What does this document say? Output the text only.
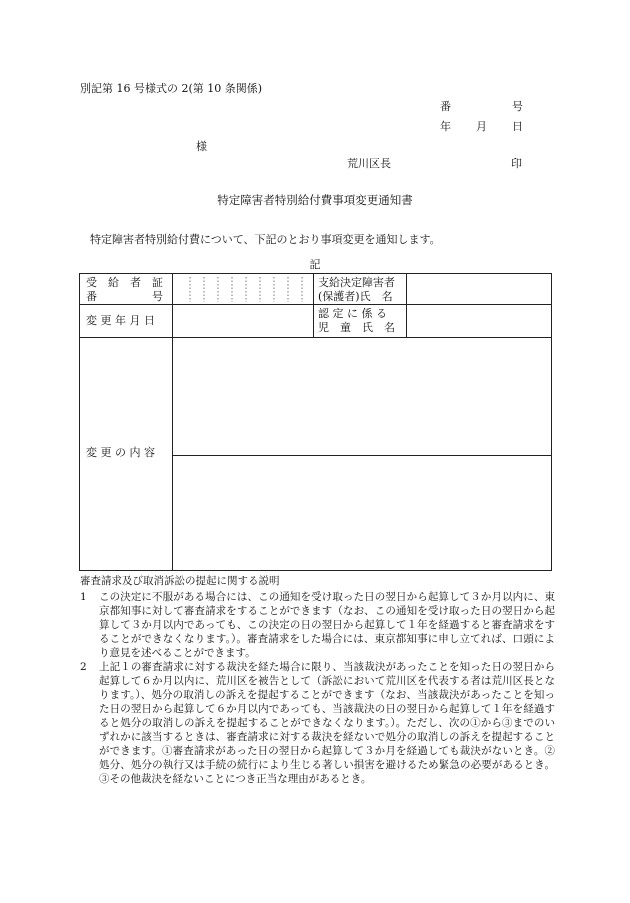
別記第 16 号様式の 2(第 10 条関係)
番	号
年 月 日
様
荒川区長	印
特定障害者特別給付費事項変更通知書
特定障害者特別給付費について、下記のとおり事項変更を通知します。
記
受　給　者　証
番　　　　　号
支給決定障害者
(保護者)氏　名
変 更 年 月 日
認 定 に 係 る
児　童　氏　名
変 更 の 内 容
審査請求及び取消訴訟の提起に関する説明
1 この決定に不服がある場合には、この通知を受け取った日の翌日から起算して３か月以内に、東京都知事に対して審査請求をすることができます（なお、この通知を受け取った日の翌日から起算して３か月以内であっても、この決定の日の翌日から起算して１年を経過すると審査請求をすることができなくなります。）。審査請求をした場合には、東京都知事に申し立てれば、口頭により意見を述べることができます。
2 上記１の審査請求に対する裁決を経た場合に限り、当該裁決があったことを知った日の翌日から起算して６か月以内に、荒川区を被告として（訴訟において荒川区を代表する者は荒川区長となります。）、処分の取消しの訴えを提起することができます（なお、当該裁決があったことを知った日の翌日から起算して６か月以内であっても、当該裁決の日の翌日から起算して１年を経過すると処分の取消しの訴えを提起することができなくなります。）。ただし、次の①から③までのいずれかに該当するときは、審査請求に対する裁決を経ないで処分の取消しの訴えを提起することができます。①審査請求があった日の翌日から起算して３か月を経過しても裁決がないとき。②処分、処分の執行又は手続の続行により生じる著しい損害を避けるため緊急の必要があるとき。③その他裁決を経ないことにつき正当な理由があるとき。
